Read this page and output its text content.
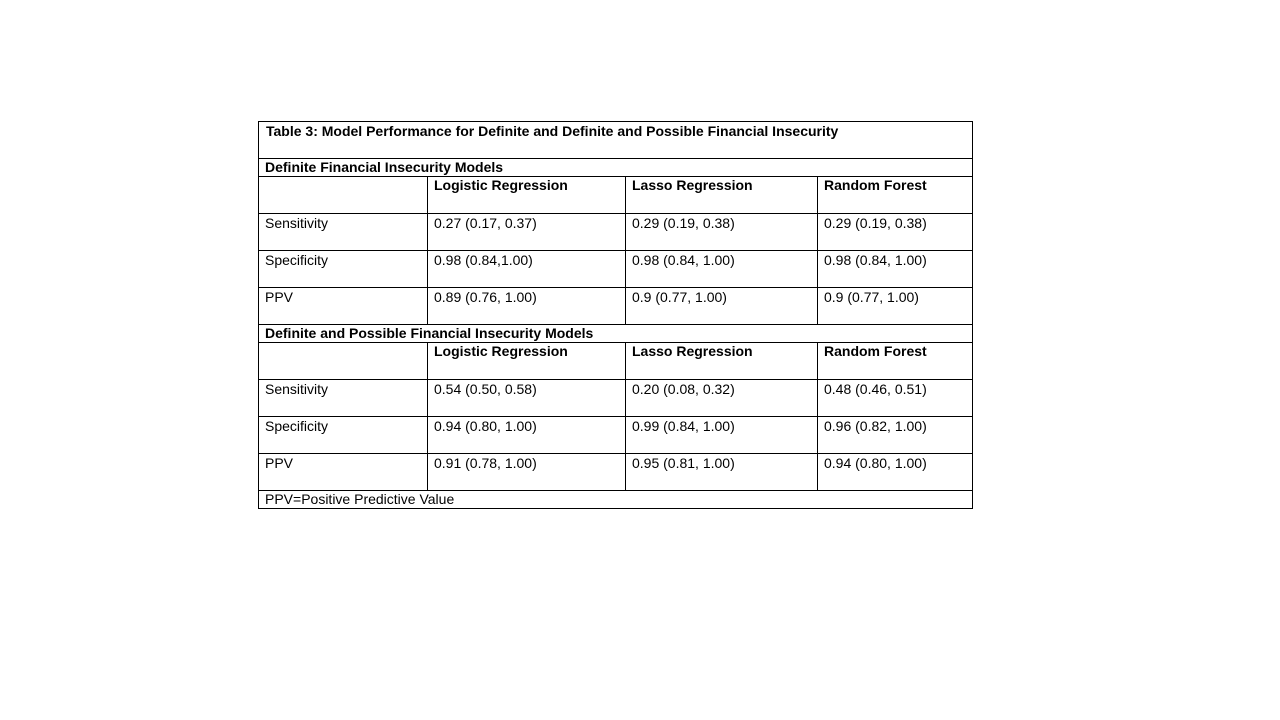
Table 3: Model Performance for Definite and Definite and Possible Financial Insecurity			
Definite Financial Insecurity Models			
	Logistic Regression	Lasso Regression	Random Forest
Sensitivity	0.27 (0.17, 0.37)	0.29 (0.19, 0.38)	0.29 (0.19, 0.38)
Specificity	0.98 (0.84,1.00)	0.98 (0.84, 1.00)	0.98 (0.84, 1.00)
PPV	0.89 (0.76, 1.00)	0.9 (0.77, 1.00)	0.9 (0.77, 1.00)
Definite and Possible Financial Insecurity Models			
	Logistic Regression	Lasso Regression	Random Forest
Sensitivity	0.54 (0.50, 0.58)	0.20 (0.08, 0.32)	0.48 (0.46, 0.51)
Specificity	0.94 (0.80, 1.00)	0.99 (0.84, 1.00)	0.96 (0.82, 1.00)
PPV	0.91 (0.78, 1.00)	0.95 (0.81, 1.00)	0.94 (0.80, 1.00)
PPV=Positive Predictive Value			
